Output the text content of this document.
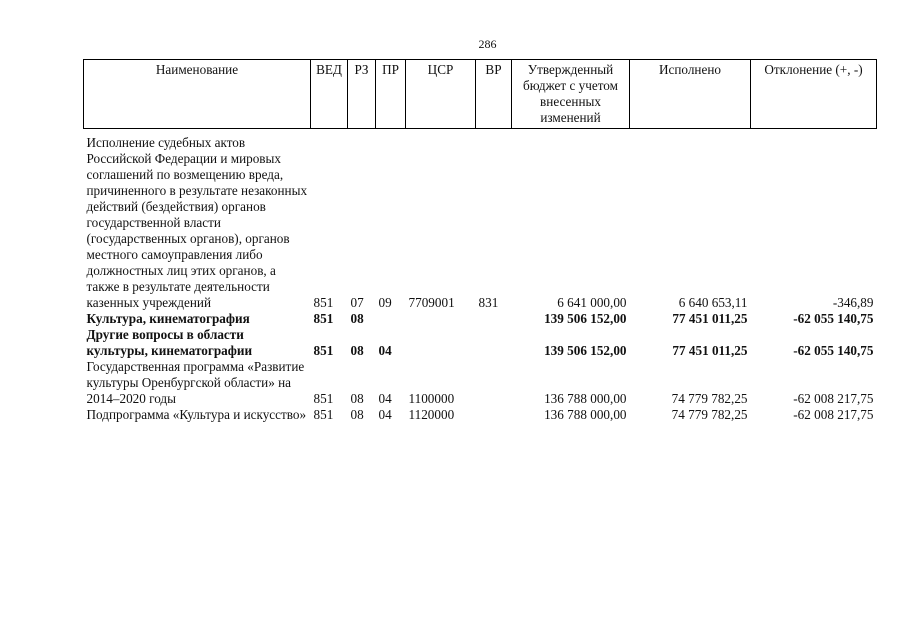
286
Наименование	ВЕД	РЗ	ПР	ЦСР	ВР	Утвержденный бюджет с учетом внесенных изменений	Исполнено	Отклонение (+, -)
Исполнение судебных актов Российской Федерации и мировых соглашений по возмещению вреда, причиненного в результате незаконных действий (бездействия) органов государственной власти (государственных органов), органов местного самоуправления либо должностных лиц этих органов, а также в результате деятельности казенных учреждений	851	07	09	7709001	831	6 641 000,00	6 640 653,11	-346,89
Культура, кинематография	851	08				139 506 152,00	77 451 011,25	-62 055 140,75
Другие вопросы в области культуры, кинематографии	851	08	04			139 506 152,00	77 451 011,25	-62 055 140,75
Государственная программа «Развитие культуры Оренбургской области» на 2014–2020 годы	851	08	04	1100000		136 788 000,00	74 779 782,25	-62 008 217,75
Подпрограмма «Культура и искусство»	851	08	04	1120000		136 788 000,00	74 779 782,25	-62 008 217,75
